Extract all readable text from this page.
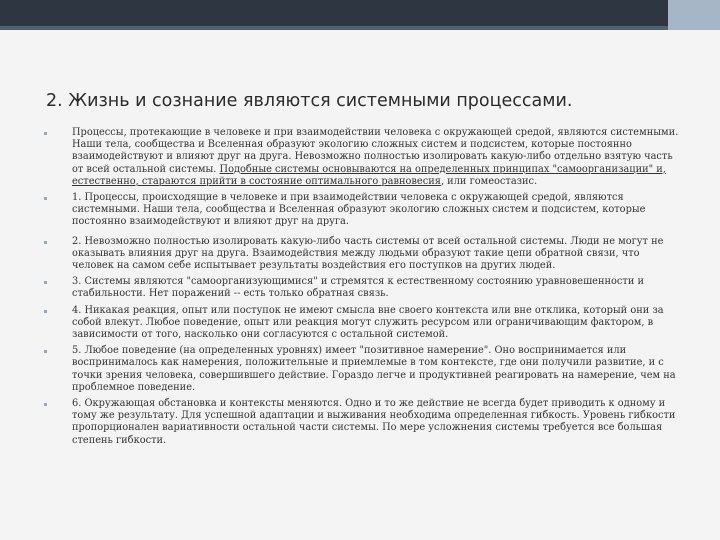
2. Жизнь и сознание являются системными процессами.
Процессы, протекающие в человеке и при взаимодействии человека с окружающей средой, являются системными. Наши тела, сообщества и Вселенная образуют экологию сложных систем и подсистем, которые постоянно взаимодействуют и влияют друг на друга. Невозможно полностью изолировать какую-либо отдельно взятую часть от всей остальной системы. Подобные системы основываются на определенных принципах "самоорганизации" и, естественно, стараются прийти в состояние оптимального равновесия, или гомеостазис.
1. Процессы, происходящие в человеке и при взаимодействии человека с окружающей средой, являются системными. Наши тела, сообщества и Вселенная образуют экологию сложных систем и подсистем, которые постоянно взаимодействуют и влияют друг на друга.
2. Невозможно полностью изолировать какую-либо часть системы от всей остальной системы. Люди не могут не оказывать влияния друг на друга. Взаимодействия между людьми образуют такие цепи обратной связи, что человек на самом себе испытывает результаты воздействия его поступков на других людей.
3. Системы являются "самоорганизующимися" и стремятся к естественному состоянию уравновешенности и стабильности. Нет поражений -- есть только обратная связь.
4. Никакая реакция, опыт или поступок не имеют смысла вне своего контекста или вне отклика, который они за собой влекут. Любое поведение, опыт или реакция могут служить ресурсом или ограничивающим фактором, в зависимости от того, насколько они согласуются с остальной системой.
5. Любое поведение (на определенных уровнях) имеет "позитивное намерение". Оно воспринимается или воспринималось как намерения, положительные и приемлемые в том контексте, где они получили развитие, и с точки зрения человека, совершившего действие. Гораздо легче и продуктивней реагировать на намерение, чем на проблемное поведение.
6. Окружающая обстановка и контексты меняются. Одно и то же действие не всегда будет приводить к одному и тому же результату. Для успешной адаптации и выживания необходима определенная гибкость. Уровень гибкости пропорционален вариативности остальной части системы. По мере усложнения системы требуется все большая степень гибкости.
